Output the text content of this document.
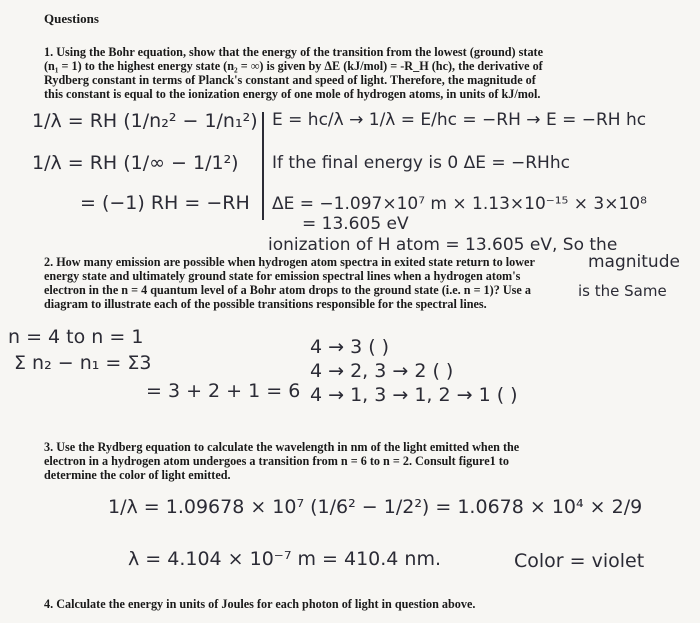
Questions

1. Using the Bohr equation, show that the energy of the transition from the lowest (ground) state

(n₁ = 1) to the highest energy state (n₂ = ∞) is given by ΔE (kJ/mol) = -R_H (hc), the derivative of

Rydberg constant in terms of Planck's constant and speed of light. Therefore, the magnitude of

this constant is equal to the ionization energy of one mole of hydrogen atoms, in units of kJ/mol.

1/λ = RH (1/n₂² − 1/n₁²) E = hc/λ → 1/λ = E/hc = −RH → E = −RH hc
1/λ = RH (1/∞ − 1/1²) If the final energy is 0 ΔE = −RHhc
= (−1) RH = −RH ΔE = −1.097×10⁷ m × 1.13×10⁻¹⁵ × 3×10⁸
= 13.605 eV
ionization of H atom = 13.605 eV, So the

2. How many emission are possible when hydrogen atom spectra in exited state return to lower

energy state and ultimately ground state for emission spectral lines when a hydrogen atom's

electron in the n = 4 quantum level of a Bohr atom drops to the ground state (i.e. n = 1)? Use a

diagram to illustrate each of the possible transitions responsible for the spectral lines.

magnitude
is the Same
n = 4 to n = 1
Σ n₂ − n₁ = Σ3
= 3 + 2 + 1 = 6
4 → 3 ( )
4 → 2, 3 → 2 ( )
4 → 1, 3 → 1, 2 → 1 ( )

3. Use the Rydberg equation to calculate the wavelength in nm of the light emitted when the

electron in a hydrogen atom undergoes a transition from n = 6 to n = 2. Consult figure1 to

determine the color of light emitted.

1/λ = 1.09678 × 10⁷ (1/6² − 1/2²) = 1.0678 × 10⁴ × 2/9
λ = 4.104 × 10⁻⁷ m = 410.4 nm.	Color = violet

4. Calculate the energy in units of Joules for each photon of light in question above.
